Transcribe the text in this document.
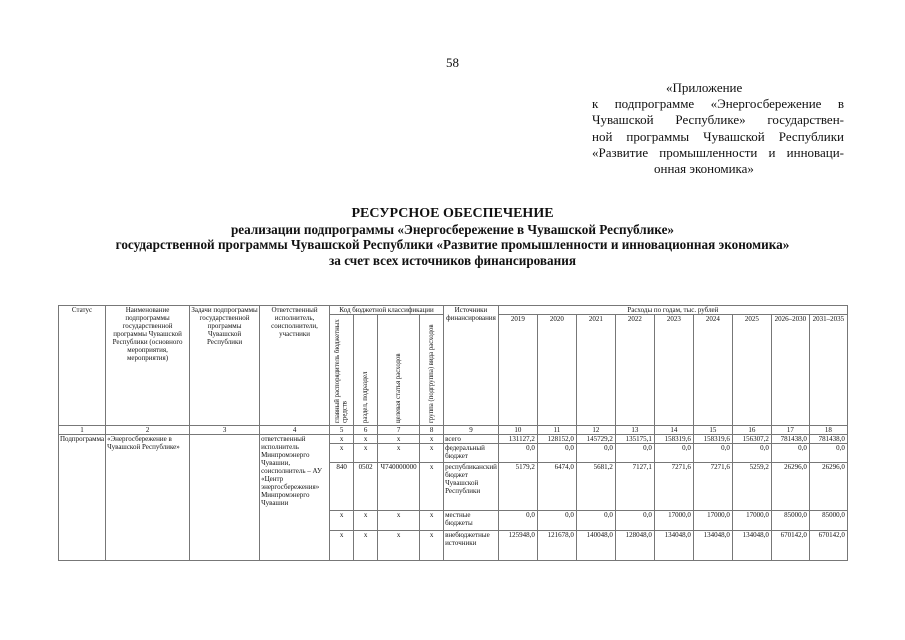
58
«Приложение
к подпрограмме «Энергосбережение в
Чувашской Республике» государствен-
ной программы Чувашской Республики
«Развитие промышленности и инноваци-
онная экономика»
РЕСУРСНОЕ ОБЕСПЕЧЕНИЕ
реализации подпрограммы «Энергосбережение в Чувашской Республике»
государственной программы Чувашской Республики «Развитие промышленности и инновационная экономика»
за счет всех источников финансирования
Статус	Наименование подпрограммы государственной программы Чувашской Республики (основного мероприятия, мероприятия)	Задачи подпрограммы государственной программы Чувашской Республики	Ответственный исполнитель, соисполнители, участники	Код бюджетной классификации				Источники финансирования	Расходы по годам, тыс. рублей								
				главный распорядитель бюджетных средств	раздел, подраздел	целевая статья расходов	группа (подгруппа) вида расходов		2019	2020	2021	2022	2023	2024	2025	2026–2030	2031–2035

1	2	3	4	5	6	7	8	9	10	11	12	13	14	15	16	17	18
Подпрограмма	«Энергосбережение в Чувашской Республике»		ответственный исполнитель Минпромэнерго Чувашии, соисполнитель – АУ «Центр энергосбережения» Минпромэнерго Чувашии	x	x	x	x	всего	131127,2	128152,0	145729,2	135175,1	158319,6	158319,6	156307,2	781438,0	781438,0
				x	x	x	x	федеральный бюджет	0,0	0,0	0,0	0,0	0,0	0,0	0,0	0,0	0,0
				840	0502	Ч740000000	x	республиканский бюджет Чувашской Республики	5179,2	6474,0	5681,2	7127,1	7271,6	7271,6	5259,2	26296,0	26296,0
				x	x	x	x	местные бюджеты	0,0	0,0	0,0	0,0	17000,0	17000,0	17000,0	85000,0	85000,0
				x	x	x	x	внебюджетные источники	125948,0	121678,0	140048,0	128048,0	134048,0	134048,0	134048,0	670142,0	670142,0
